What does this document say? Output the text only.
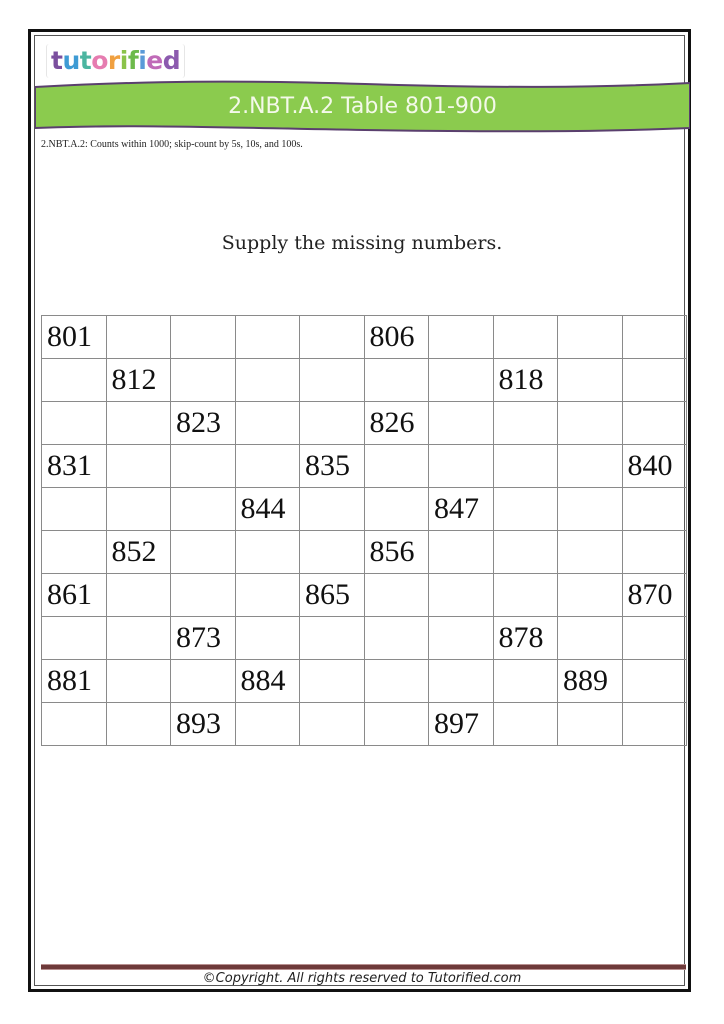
tutorified
2.NBT.A.2 Table 801-900
2.NBT.A.2: Counts within 1000; skip-count by 5s, 10s, and 100s.
Supply the missing numbers.
801					806				
	812						818		
		823			826				
831				835					840
			844			847			
	852				856				
861				865					870
		873					878		
881			884					889	
		893				897			
©Copyright. All rights reserved to Tutorified.com
